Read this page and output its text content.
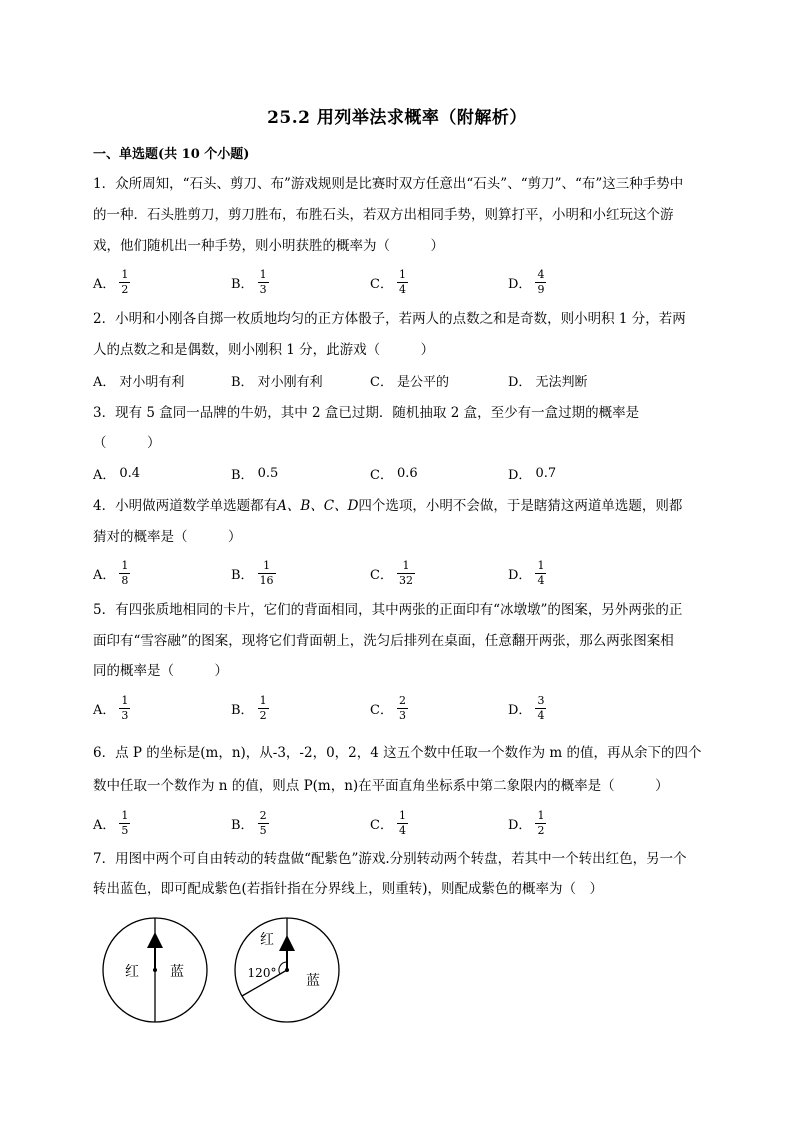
25.2 用列举法求概率（附解析）
一、单选题(共 10 个小题)
1．众所周知，“石头、剪刀、布”游戏规则是比赛时双方任意出“石头”、“剪刀”、“布”这三种手势中
的一种．石头胜剪刀，剪刀胜布，布胜石头，若双方出相同手势，则算打平，小明和小红玩这个游
戏，他们随机出一种手势，则小明获胜的概率为（　　　）
A． $\frac{1}{2}$	B． $\frac{1}{3}$	C． $\frac{1}{4}$	D． $\frac{4}{9}$
2．小明和小刚各自掷一枚质地均匀的正方体骰子，若两人的点数之和是奇数，则小明积 1 分，若两
人的点数之和是偶数，则小刚积 1 分，此游戏（　　　）
A． 对小明有利	B． 对小刚有利	C． 是公平的	D． 无法判断
3．现有 5 盒同一品牌的牛奶，其中 2 盒已过期．随机抽取 2 盒，至少有一盒过期的概率是
（　　　）
A． 0.4	B． 0.5	C． 0.6	D． 0.7
4．小明做两道数学单选题都有A、B、C、D四个选项，小明不会做，于是瞎猜这两道单选题，则都
猜对的概率是（　　　）
A． $\frac{1}{8}$	B． $\frac{1}{16}$	C． $\frac{1}{32}$	D． $\frac{1}{4}$
5．有四张质地相同的卡片，它们的背面相同，其中两张的正面印有“冰墩墩”的图案，另外两张的正
面印有“雪容融”的图案，现将它们背面朝上，洗匀后排列在桌面，任意翻开两张，那么两张图案相
同的概率是（　　　）
A． $\frac{1}{3}$	B． $\frac{1}{2}$	C． $\frac{2}{3}$	D． $\frac{3}{4}$
6．点 P 的坐标是(m，n)，从-3，-2，0，2，4 这五个数中任取一个数作为 m 的值，再从余下的四个
数中任取一个数作为 n 的值，则点 P(m，n)在平面直角坐标系中第二象限内的概率是（　　　）
A． $\frac{1}{5}$	B． $\frac{2}{5}$	C． $\frac{1}{4}$	D． $\frac{1}{2}$
7．用图中两个可自由转动的转盘做“配紫色”游戏.分别转动两个转盘，若其中一个转出红色，另一个
转出蓝色，即可配成紫色(若指针指在分界线上，则重转)，则配成紫色的概率为（　）
红 蓝
红
120° 蓝
